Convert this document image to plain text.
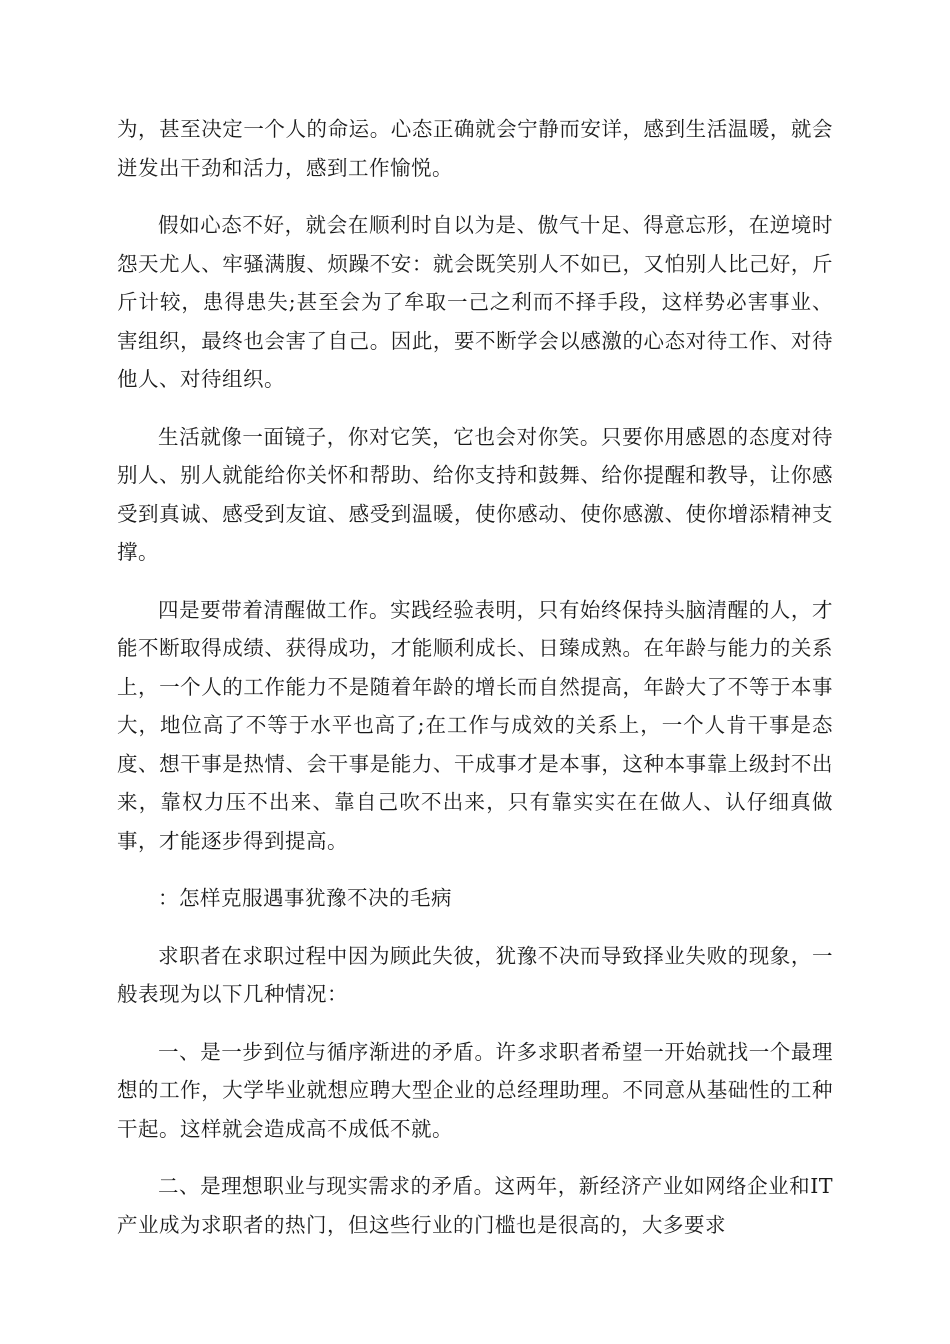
为，甚至决定一个人的命运。心态正确就会宁静而安详，感到生活温暖，就会迸发出干劲和活力，感到工作愉悦。

假如心态不好，就会在顺利时自以为是、傲气十足、得意忘形，在逆境时怨天尤人、牢骚满腹、烦躁不安：就会既笑别人不如已，又怕别人比己好，斤斤计较，患得患失;甚至会为了牟取一己之利而不择手段，这样势必害事业、害组织，最终也会害了自己。因此，要不断学会以感激的心态对待工作、对待他人、对待组织。

生活就像一面镜子，你对它笑，它也会对你笑。只要你用感恩的态度对待别人、别人就能给你关怀和帮助、给你支持和鼓舞、给你提醒和教导，让你感受到真诚、感受到友谊、感受到温暖，使你感动、使你感激、使你增添精神支撑。

四是要带着清醒做工作。实践经验表明，只有始终保持头脑清醒的人，才能不断取得成绩、获得成功，才能顺利成长、日臻成熟。在年龄与能力的关系上，一个人的工作能力不是随着年龄的增长而自然提高，年龄大了不等于本事大，地位高了不等于水平也高了;在工作与成效的关系上，一个人肯干事是态度、想干事是热情、会干事是能力、干成事才是本事，这种本事靠上级封不出来，靠权力压不出来、靠自己吹不出来，只有靠实实在在做人、认仔细真做事，才能逐步得到提高。

：怎样克服遇事犹豫不决的毛病

求职者在求职过程中因为顾此失彼，犹豫不决而导致择业失败的现象，一般表现为以下几种情况：

一、是一步到位与循序渐进的矛盾。许多求职者希望一开始就找一个最理想的工作，大学毕业就想应聘大型企业的总经理助理。不同意从基础性的工种干起。这样就会造成高不成低不就。

二、是理想职业与现实需求的矛盾。这两年，新经济产业如网络企业和IT产业成为求职者的热门，但这些行业的门槛也是很高的，大多要求
